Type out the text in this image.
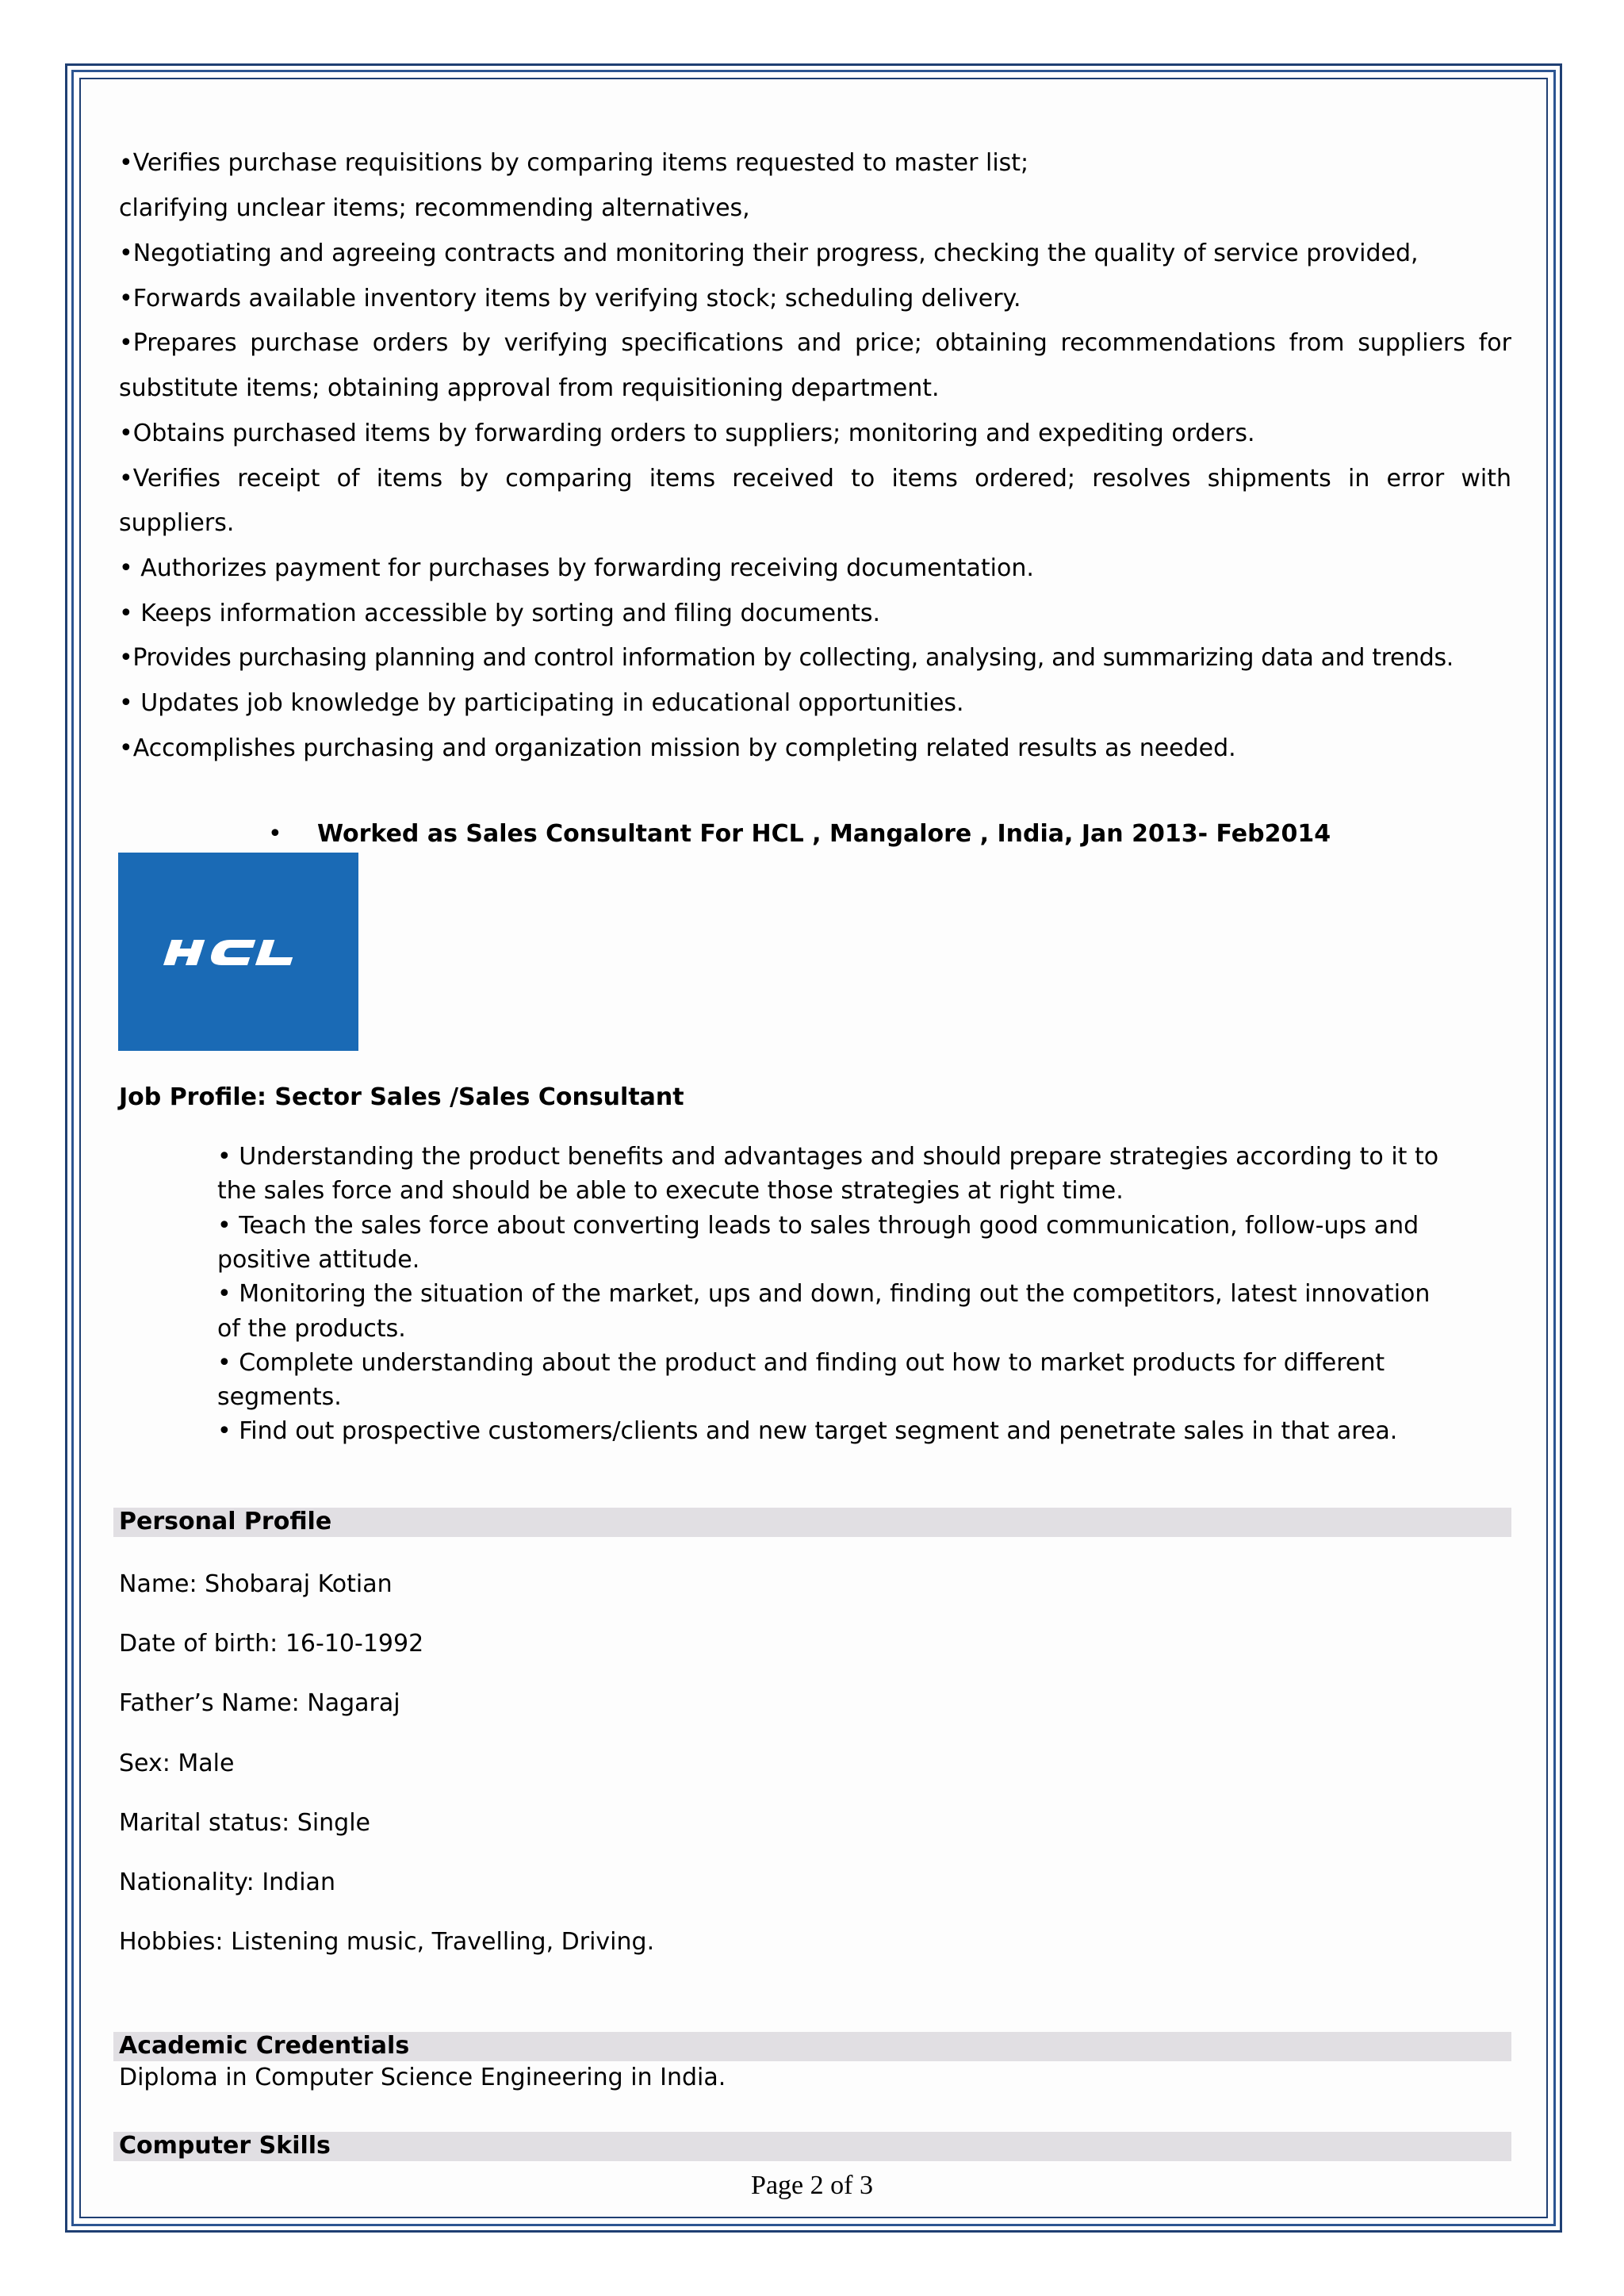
•Verifies purchase requisitions by comparing items requested to master list;
clarifying unclear items; recommending alternatives,
•Negotiating and agreeing contracts and monitoring their progress, checking the quality of service provided,
•Forwards available inventory items by verifying stock; scheduling delivery.
•Prepares purchase orders by verifying specifications and price; obtaining recommendations from suppliers for
substitute items; obtaining approval from requisitioning department.
•Obtains purchased items by forwarding orders to suppliers; monitoring and expediting orders.
•Verifies receipt of items by comparing items received to items ordered; resolves shipments in error with
suppliers.
• Authorizes payment for purchases by forwarding receiving documentation.
• Keeps information accessible by sorting and filing documents.
•Provides purchasing planning and control information by collecting, analysing, and summarizing data and trends.
• Updates job knowledge by participating in educational opportunities.
•Accomplishes purchasing and organization mission by completing related results as needed.
• Worked as Sales Consultant For HCL , Mangalore , India, Jan 2013- Feb2014
Job Profile: Sector Sales /Sales Consultant
• Understanding the product benefits and advantages and should prepare strategies according to it to
the sales force and should be able to execute those strategies at right time.
• Teach the sales force about converting leads to sales through good communication, follow-ups and
positive attitude.
• Monitoring the situation of the market, ups and down, finding out the competitors, latest innovation
of the products.
• Complete understanding about the product and finding out how to market products for different
segments.
• Find out prospective customers/clients and new target segment and penetrate sales in that area.
Personal Profile
Name: Shobaraj Kotian
Date of birth: 16-10-1992
Father’s Name: Nagaraj
Sex: Male
Marital status: Single
Nationality: Indian
Hobbies: Listening music, Travelling, Driving.
Academic Credentials
Diploma in Computer Science Engineering in India.
Computer Skills
Page 2 of 3
